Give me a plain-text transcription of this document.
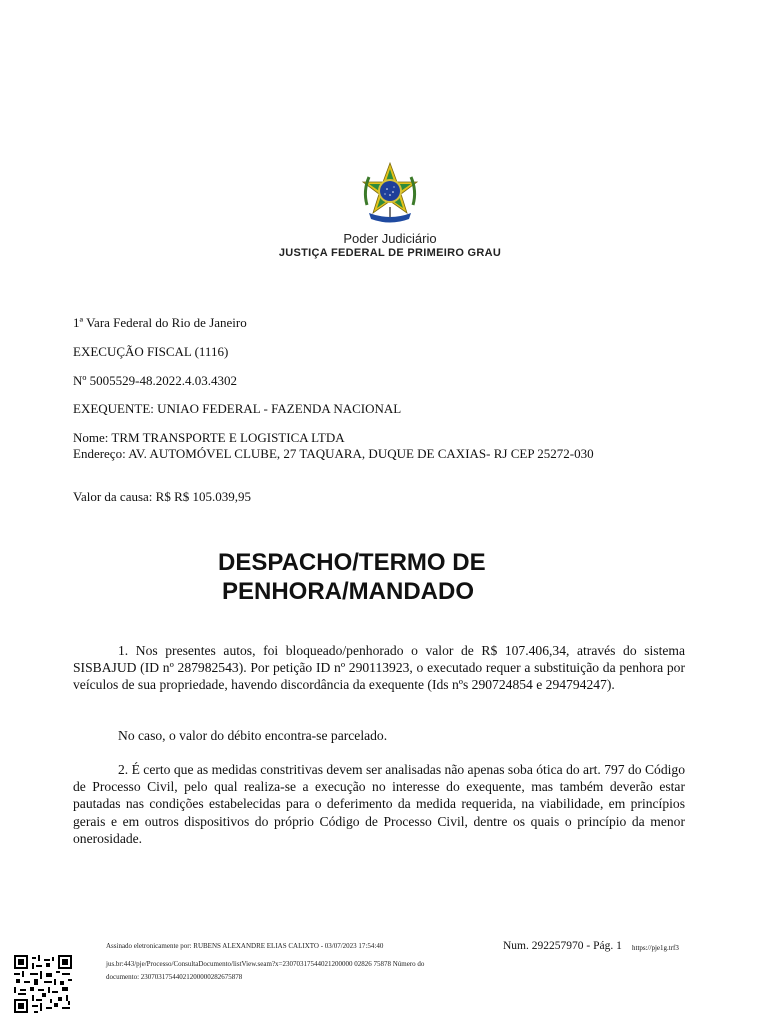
Poder Judiciário
JUSTIÇA FEDERAL DE PRIMEIRO GRAU
1ª Vara Federal do Rio de Janeiro
EXECUÇÃO FISCAL (1116)
Nº 5005529-48.2022.4.03.4302
EXEQUENTE: UNIAO FEDERAL - FAZENDA NACIONAL
Nome: TRM TRANSPORTE E LOGISTICA LTDA
Endereço: AV. AUTOMÓVEL CLUBE, 27 TAQUARA, DUQUE DE CAXIAS- RJ CEP 25272-030
Valor da causa: R$ R$ 105.039,95
DESPACHO/TERMO DE
PENHORA/MANDADO
1. Nos presentes autos, foi bloqueado/penhorado o valor de R$ 107.406,34, através do sistema SISBAJUD (ID nº 287982543). Por petição ID nº 290113923, o executado requer a substituição da penhora por veículos de sua propriedade, havendo discordância da exequente (Ids nºs 290724854 e 294794247).
No caso, o valor do débito encontra-se parcelado.
2. É certo que as medidas constritivas devem ser analisadas não apenas soba ótica do art. 797 do Código de Processo Civil, pelo qual realiza-se a execução no interesse do exequente, mas também deverão estar pautadas nas condições estabelecidas para o deferimento da medida requerida, na viabilidade, em princípios gerais e em outros dispositivos do próprio Código de Processo Civil, dentre os quais o princípio da menor onerosidade.
Assinado eletronicamente por: RUBENS ALEXANDRE ELIAS CALIXTO - 03/07/2023 17:54:40	Num. 292257970 - Pág. 1 https://pje1g.trf3
jus.br:443/pje/Processo/ConsultaDocumento/listView.seam?x=23070317544021200000 02826 75878 Número do
documento: 23070317544021200000282675878
